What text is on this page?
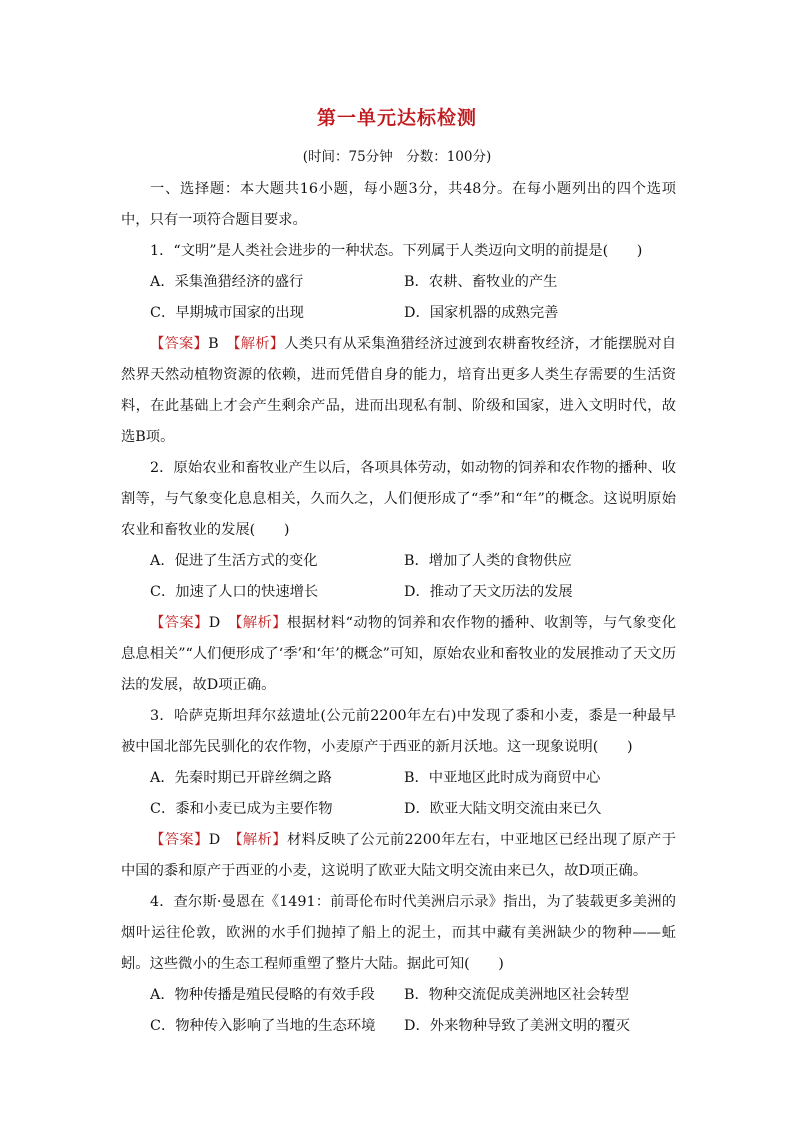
第一单元达标检测
(时间：75分钟　分数：100分)

一、选择题：本大题共16小题，每小题3分，共48分。在每小题列出的四个选项中，只有一项符合题目要求。

1．“文明”是人类社会进步的一种状态。下列属于人类迈向文明的前提是(　　)

A．采集渔猎经济的盛行	B．农耕、畜牧业的产生
C．早期城市国家的出现	D．国家机器的成熟完善

【答案】B　 【解析】人类只有从采集渔猎经济过渡到农耕畜牧经济，才能摆脱对自然界天然动植物资源的依赖，进而凭借自身的能力，培育出更多人类生存需要的生活资料，在此基础上才会产生剩余产品，进而出现私有制、阶级和国家，进入文明时代，故选B项。

2．原始农业和畜牧业产生以后，各项具体劳动，如动物的饲养和农作物的播种、收割等，与气象变化息息相关，久而久之，人们便形成了“季”和“年”的概念。这说明原始农业和畜牧业的发展(　　)

A．促进了生活方式的变化	B．增加了人类的食物供应
C．加速了人口的快速增长	D．推动了天文历法的发展

【答案】D　 【解析】根据材料“动物的饲养和农作物的播种、收割等，与气象变化息息相关”“人们便形成了‘季’和‘年’的概念”可知，原始农业和畜牧业的发展推动了天文历法的发展，故D项正确。

3．哈萨克斯坦拜尔兹遗址(公元前2200年左右)中发现了黍和小麦，黍是一种最早被中国北部先民驯化的农作物，小麦原产于西亚的新月沃地。这一现象说明(　　)

A．先秦时期已开辟丝绸之路	B．中亚地区此时成为商贸中心
C．黍和小麦已成为主要作物	D．欧亚大陆文明交流由来已久

【答案】D　 【解析】材料反映了公元前2200年左右，中亚地区已经出现了原产于中国的黍和原产于西亚的小麦，这说明了欧亚大陆文明交流由来已久，故D项正确。

4．查尔斯·曼恩在《1491：前哥伦布时代美洲启示录》指出，为了装载更多美洲的烟叶运往伦敦，欧洲的水手们抛掉了船上的泥土，而其中藏有美洲缺少的物种——蚯蚓。这些微小的生态工程师重塑了整片大陆。据此可知(　　)

A．物种传播是殖民侵略的有效手段	B．物种交流促成美洲地区社会转型
C．物种传入影响了当地的生态环境	D．外来物种导致了美洲文明的覆灭
